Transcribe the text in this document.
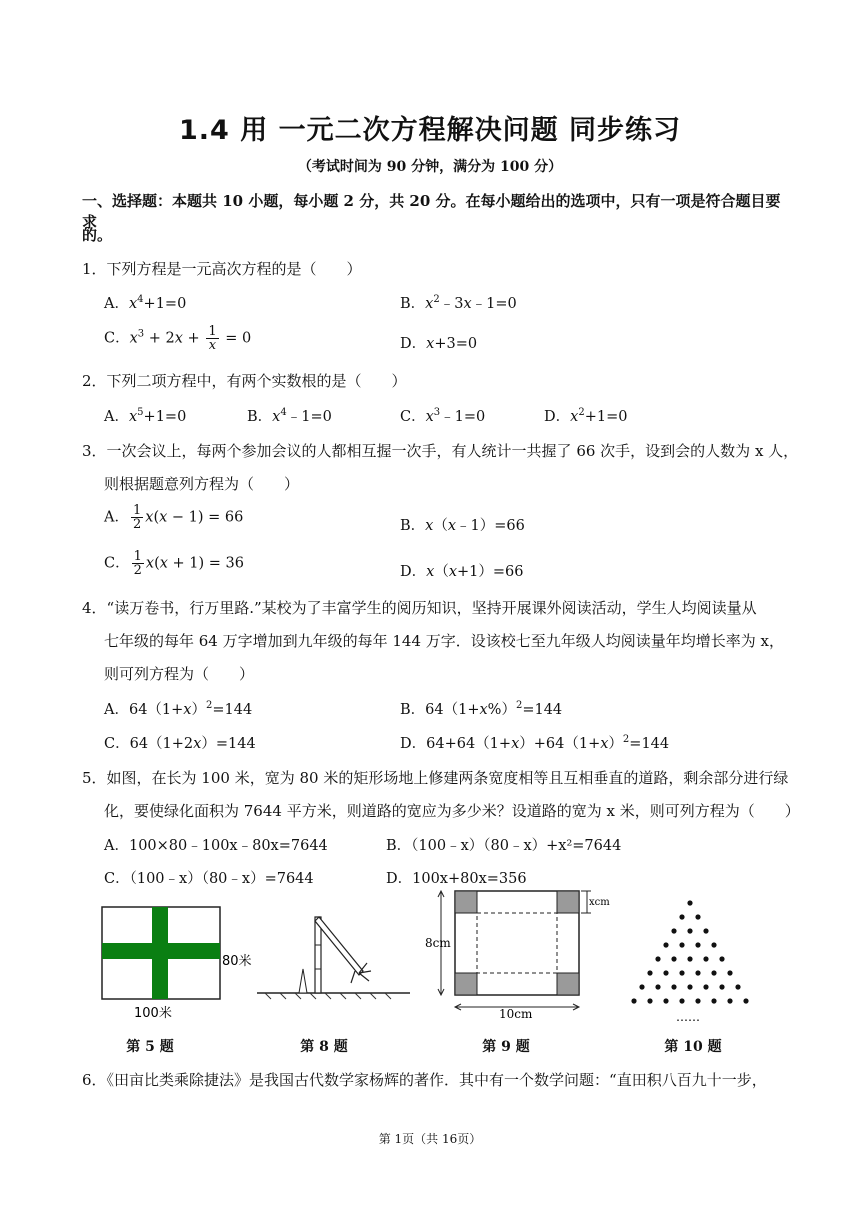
1.4 用 一元二次方程解决问题 同步练习
（考试时间为 90 分钟，满分为 100 分）
一、选择题：本题共 10 小题，每小题 2 分，共 20 分。在每小题给出的选项中，只有一项是符合题目要求
的。
1．下列方程是一元高次方程的是（　　）
A．$x^4+1=0$	B．$x^2﹣3x﹣1=0$
C．$x^3 + 2x + \frac{1}{x} = 0$	D．x+3=0
2．下列二项方程中，有两个实数根的是（　　）
A．$x^5+1=0$	B．$x^4﹣1=0$	C．$x^3﹣1=0$	D．$x^2+1=0$
3．一次会议上，每两个参加会议的人都相互握一次手，有人统计一共握了 66 次手，设到会的人数为 x 人，
则根据题意列方程为（　　）
A． $\frac{1}{2} x(x - 1) = 66$
B．x（x﹣1）=66
C． $\frac{1}{2} x(x + 1) = 36$
D．x（x+1）=66
4．“读万卷书，行万里路.”某校为了丰富学生的阅历知识，坚持开展课外阅读活动，学生人均阅读量从
七年级的每年 64 万字增加到九年级的每年 144 万字．设该校七至九年级人均阅读量年均增长率为 x，
则可列方程为（　　）
A．$64(1+x)^2=144$	B．$64(1+x\%)^2=144$
C．64（1+2x）=144	D．$64+64(1+x)+64(1+x)^2=144$
5．如图，在长为 100 米，宽为 80 米的矩形场地上修建两条宽度相等且互相垂直的道路，剩余部分进行绿
化，要使绿化面积为 7644 平方米，则道路的宽应为多少米？设道路的宽为 x 米，则可列方程为（　　）
A．100×80﹣100x﹣80x=7644	B．（100﹣x）（80﹣x）+x²=7644
C．（100﹣x）（80﹣x）=7644	D．100x+80x=356
80米
100米
8cm
10cm
xcm
……
第 5 题	第 8 题	第 9 题	第 10 题
6．《田亩比类乘除捷法》是我国古代数学家杨辉的著作．其中有一个数学问题：“直田积八百九十一步，
第 1页（共 16页）
